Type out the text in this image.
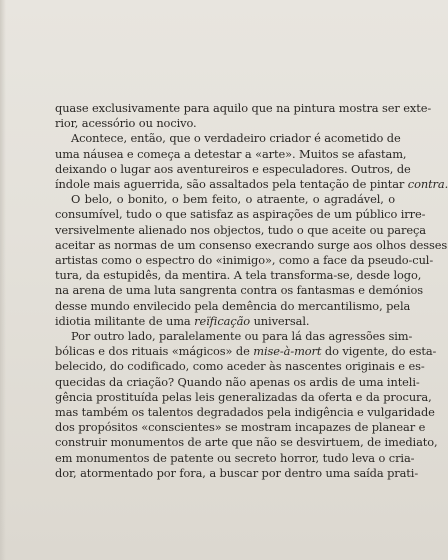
quase exclusivamente para aquilo que na pintura mostra ser exte-
rior, acessório ou nocivo.
Acontece, então, que o verdadeiro criador é acometido de
uma náusea e começa a detestar a «arte». Muitos se afastam,
deixando o lugar aos aventureiros e especuladores. Outros, de
índole mais aguerrida, são assaltados pela tentação de pintar contra.
O belo, o bonito, o bem feito, o atraente, o agradável, o
consumível, tudo o que satisfaz as aspirações de um público irre-
versivelmente alienado nos objectos, tudo o que aceite ou pareça
aceitar as normas de um consenso execrando surge aos olhos desses
artistas como o espectro do «inimigo», como a face da pseudo-cul-
tura, da estupidês, da mentira. A tela transforma-se, desde logo,
na arena de uma luta sangrenta contra os fantasmas e demónios
desse mundo envilecido pela demência do mercantilismo, pela
idiotia militante de uma reïficação universal.
Por outro lado, paralelamente ou para lá das agressões sim-
bólicas e dos rituais «mágicos» de mise-à-mort do vigente, do esta-
belecido, do codificado, como aceder às nascentes originais e es-
quecidas da criação? Quando não apenas os ardis de uma inteli-
gência prostituída pelas leis generalizadas da oferta e da procura,
mas também os talentos degradados pela indigência e vulgaridade
dos propósitos «conscientes» se mostram incapazes de planear e
construir monumentos de arte que não se desvirtuem, de imediato,
em monumentos de patente ou secreto horror, tudo leva o cria-
dor, atormentado por fora, a buscar por dentro uma saída prati-
